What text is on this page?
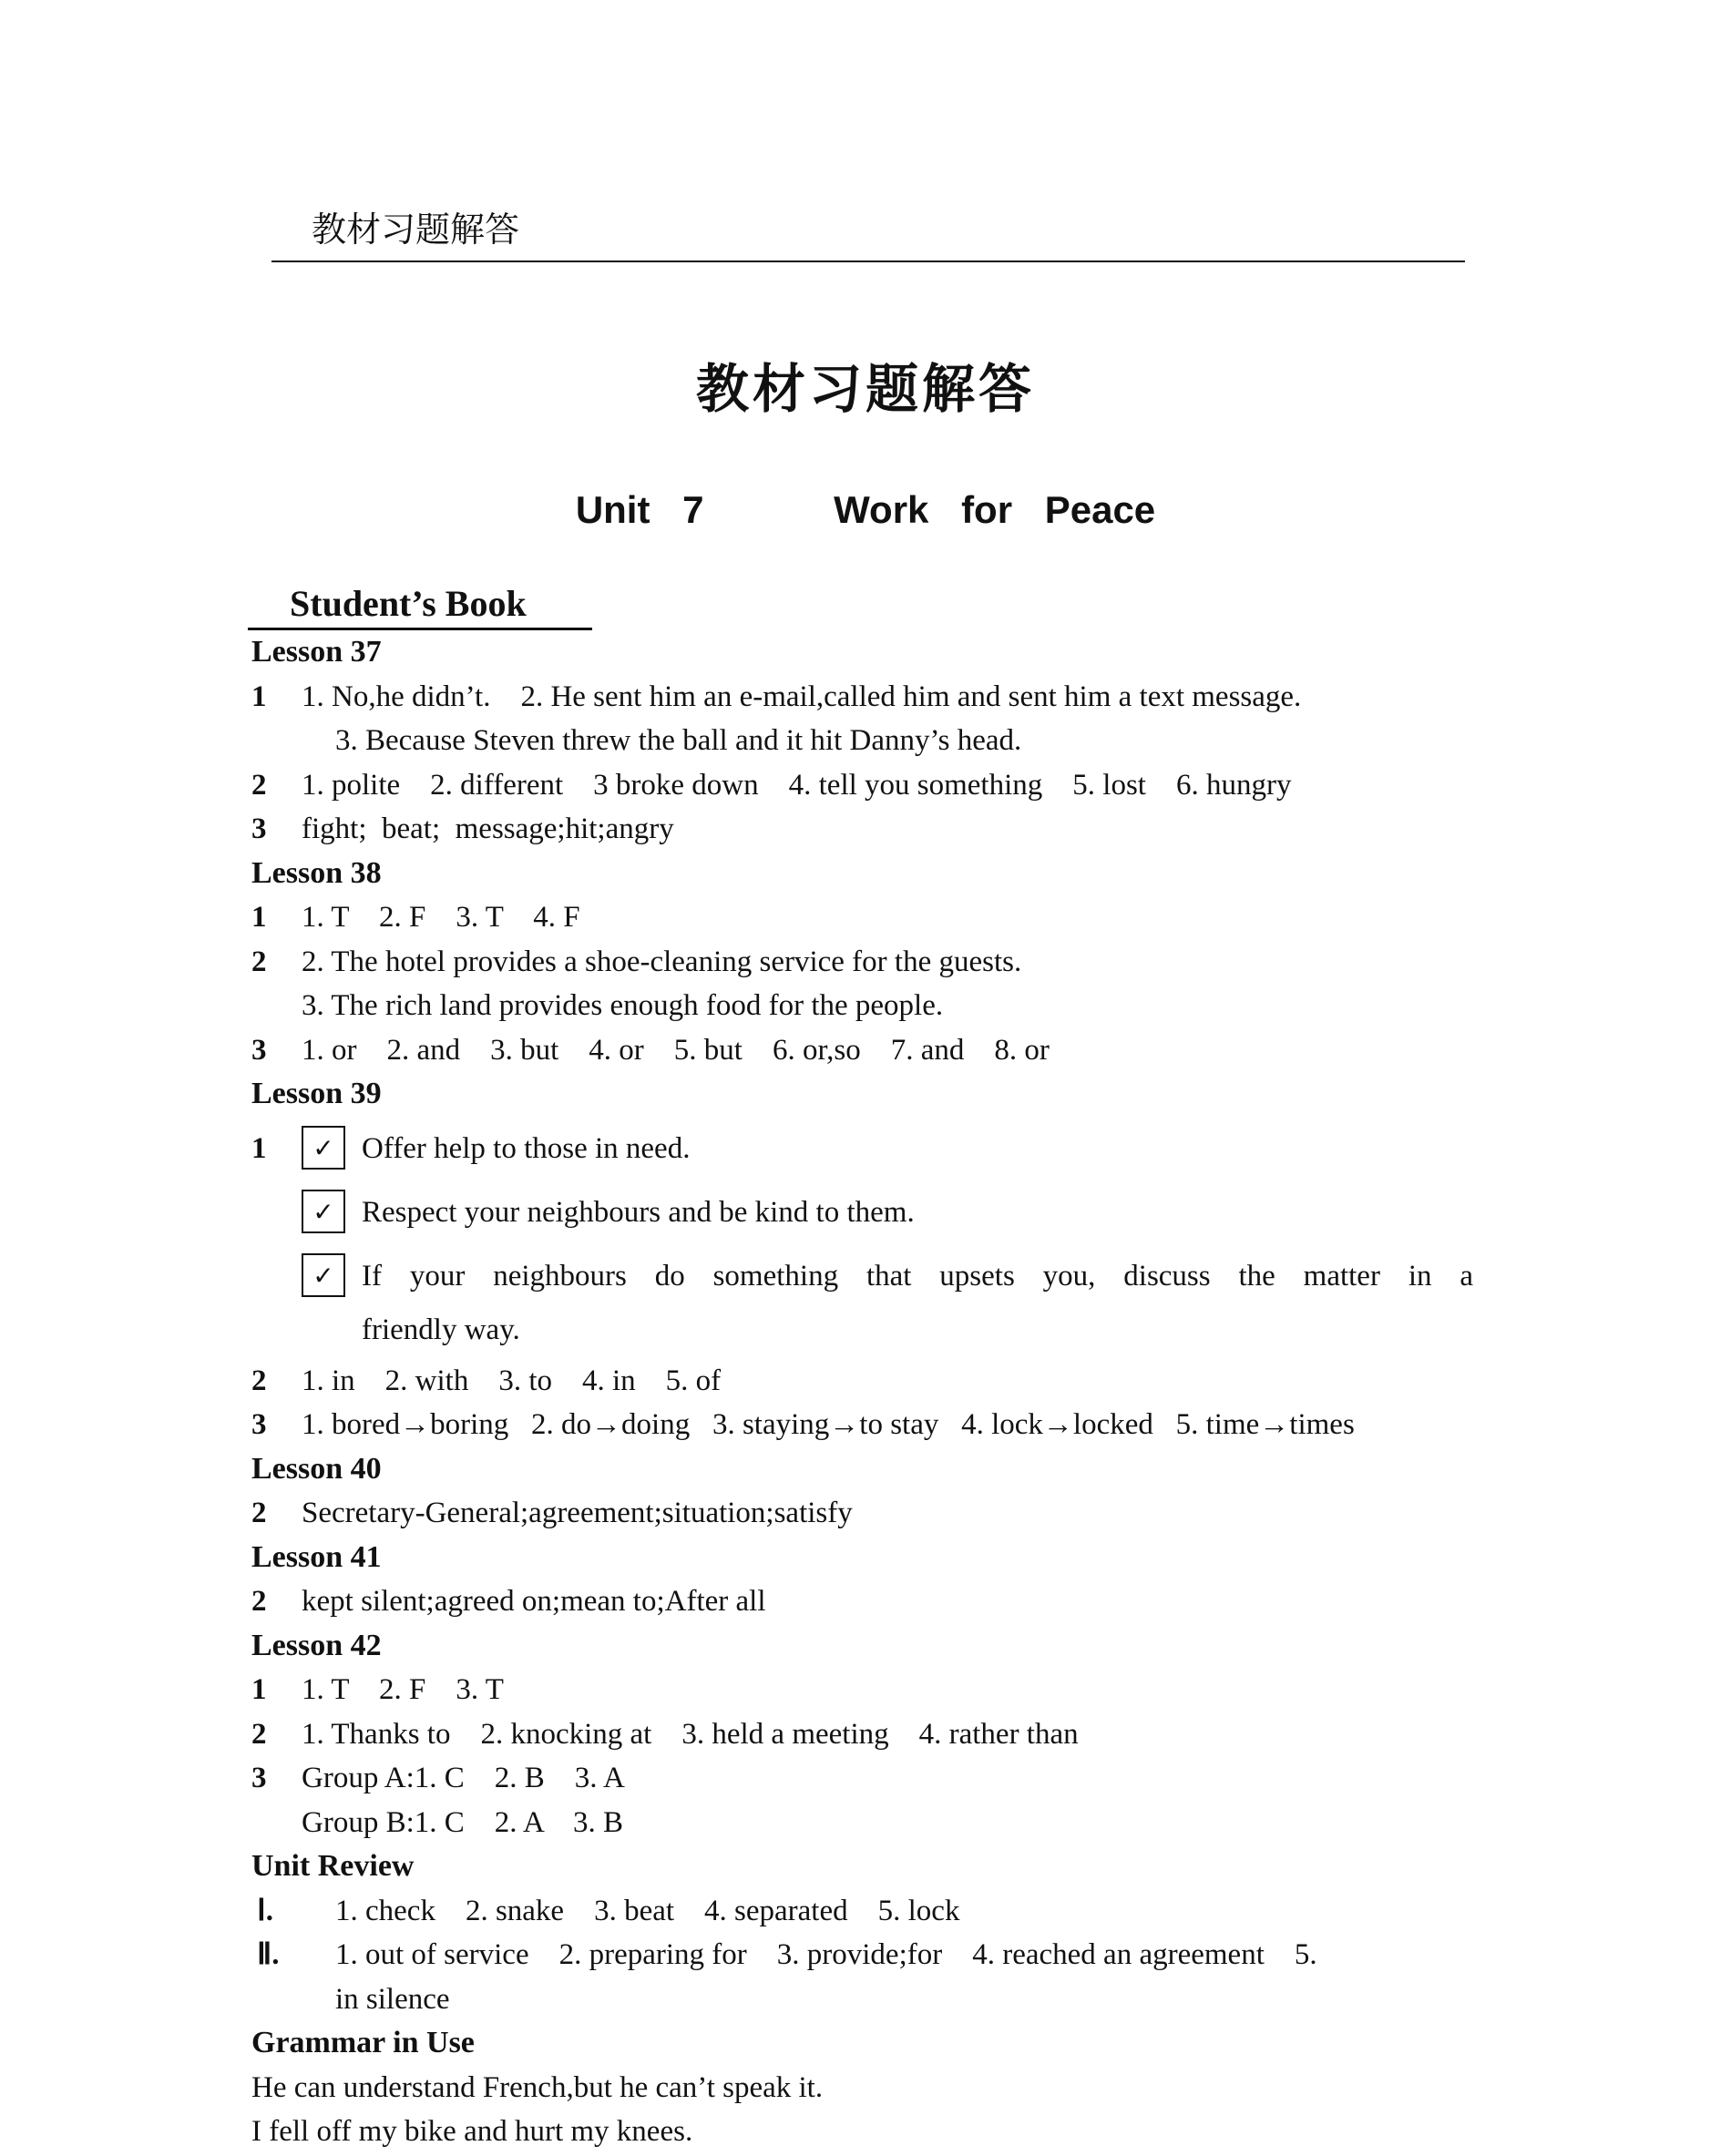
教材习题解答
教材习题解答
Unit 7    Work for Peace
Student’s Book
Lesson 37
1 1. No,he didn’t.    2. He sent him an e-mail,called him and sent him a text message.
3. Because Steven threw the ball and it hit Danny’s head.
2 1. polite    2. different    3 broke down    4. tell you something    5. lost    6. hungry
3 fight;  beat;  message;hit;angry
Lesson 38
1 1. T    2. F    3. T    4. F
2 2. The hotel provides a shoe-cleaning service for the guests.
3. The rich land provides enough food for the people.
3 1. or    2. and    3. but    4. or    5. but    6. or,so    7. and    8. or
Lesson 39
1 ✓ Offer help to those in need.
✓ Respect your neighbours and be kind to them.
✓ If your neighbours do something that upsets you, discuss the matter in a
friendly way.
2 1. in    2. with    3. to    4. in    5. of
3 1. bored→boring   2. do→doing   3. staying→to stay   4. lock→locked   5. time→times
Lesson 40
2 Secretary-General;agreement;situation;satisfy
Lesson 41
2 kept silent;agreed on;mean to;After all
Lesson 42
1 1. T    2. F    3. T
2 1. Thanks to    2. knocking at    3. held a meeting    4. rather than
3 Group A:1. C    2. B    3. A
Group B:1. C    2. A    3. B
Unit Review
Ⅰ. 1. check    2. snake    3. beat    4. separated    5. lock
Ⅱ. 1. out of service    2. preparing for    3. provide;for    4. reached an agreement    5.
in silence
Grammar in Use
He can understand French,but he can’t speak it.
I fell off my bike and hurt my knees.
